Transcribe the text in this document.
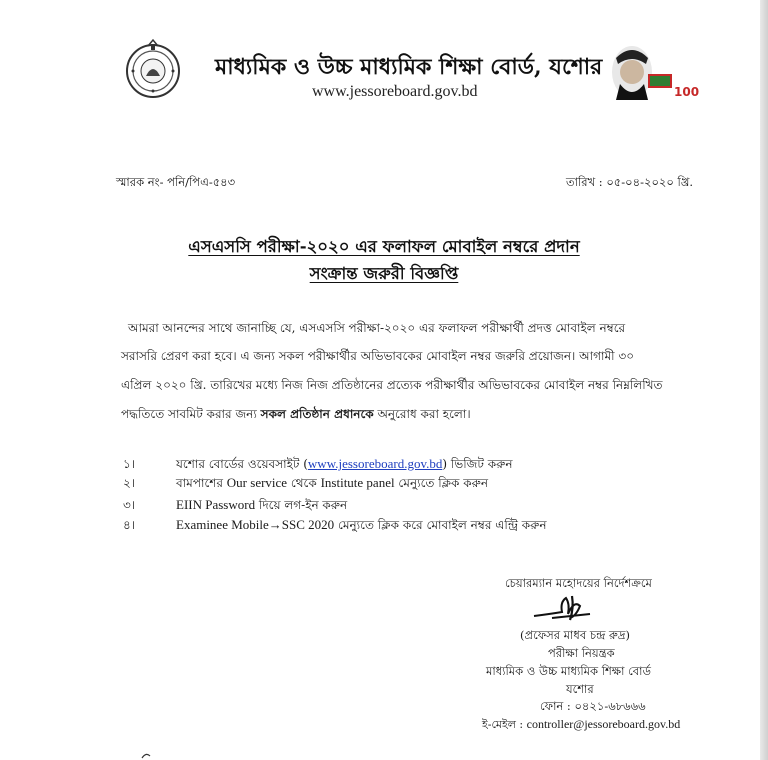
মাধ্যমিক ও উচ্চ মাধ্যমিক শিক্ষা বোর্ড, যশোর
www.jessoreboard.gov.bd	100
স্মারক নং- পনি/পিএ-৫৪৩	তারিখ : ০৫-০৪-২০২০ খ্রি.
এসএসসি পরীক্ষা-২০২০ এর ফলাফল মোবাইল নম্বরে প্রদান
সংক্রান্ত জরুরী বিজ্ঞপ্তি
আমরা আনন্দের সাথে জানাচ্ছি যে, এসএসসি পরীক্ষা-২০২০ এর ফলাফল পরীক্ষার্থী প্রদত্ত মোবাইল নম্বরে
সরাসরি প্রেরণ করা হবে। এ জন্য সকল পরীক্ষার্থীর অভিভাবকের মোবাইল নম্বর জরুরি প্রয়োজন। আগামী ৩০
এপ্রিল ২০২০ খ্রি. তারিখের মধ্যে নিজ নিজ প্রতিষ্ঠানের প্রত্যেক পরীক্ষার্থীর অভিভাবকের মোবাইল নম্বর নিম্নলিখিত
পদ্ধতিতে সাবমিট করার জন্য সকল প্রতিষ্ঠান প্রধানকে অনুরোধ করা হলো।
১।	যশোর বোর্ডের ওয়েবসাইট (www.jessoreboard.gov.bd) ভিজিট করুন
২।	বামপাশের Our service থেকে Institute panel মেন্যুতে ক্লিক করুন
৩।	EIIN Password দিয়ে লগ-ইন করুন
৪।	Examinee Mobile→SSC 2020 মেন্যুতে ক্লিক করে মোবাইল নম্বর এন্ট্রি করুন
চেয়ারম্যান মহোদয়ের নির্দেশক্রমে
(প্রফেসর মাধব চন্দ্র রুদ্র)
পরীক্ষা নিয়ন্ত্রক
মাধ্যমিক ও উচ্চ মাধ্যমিক শিক্ষা বোর্ড
যশোর
ফোন : ০৪২১-৬৮৬৬৬
ই-মেইল : controller@jessoreboard.gov.bd
